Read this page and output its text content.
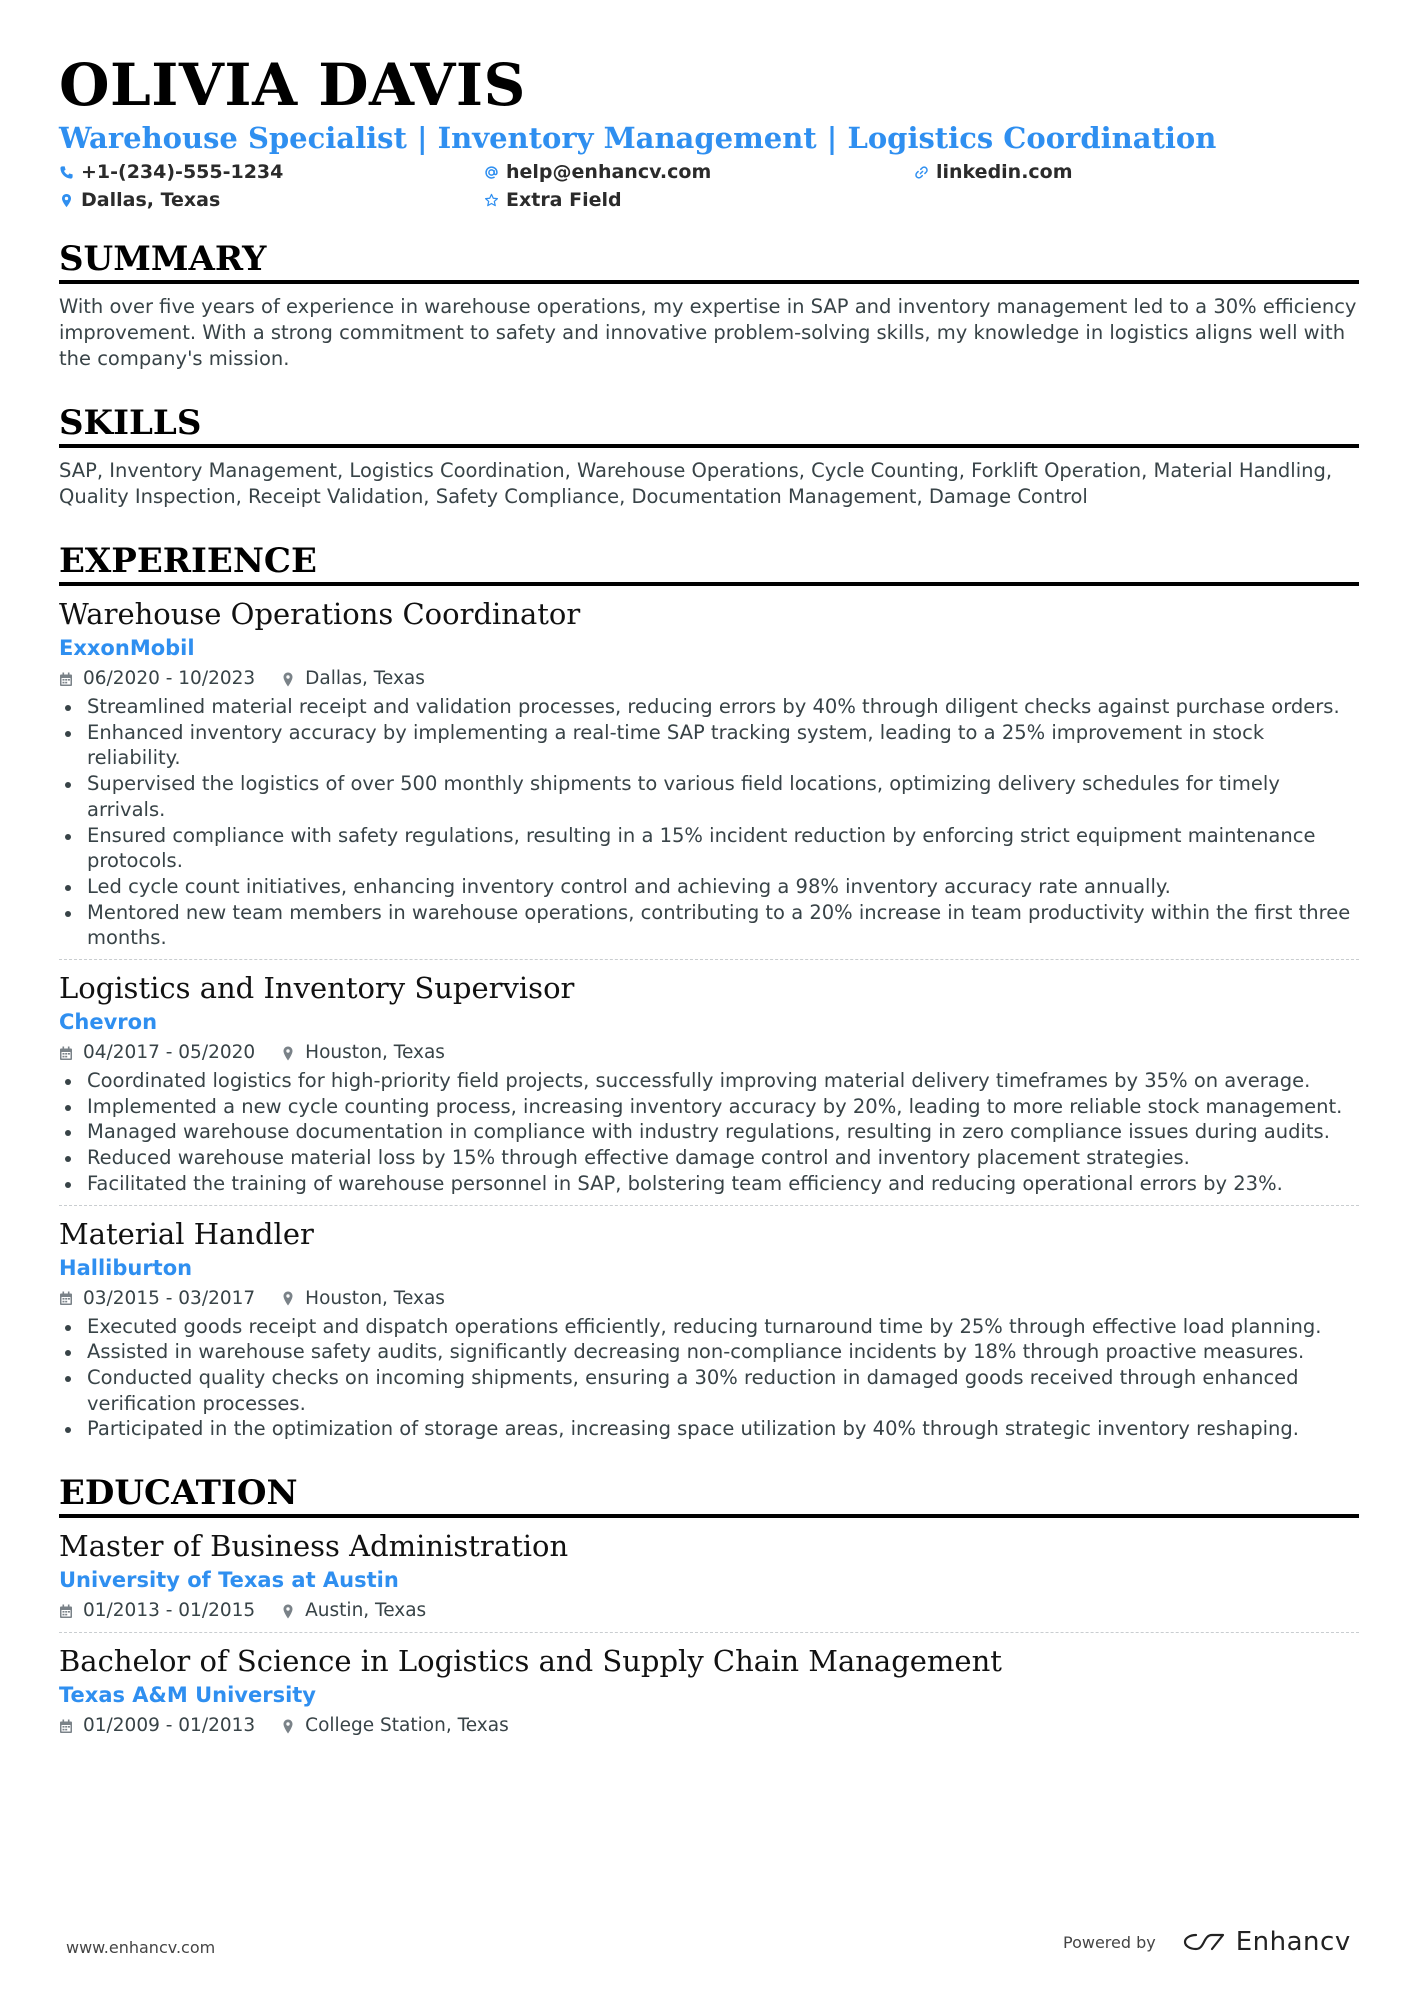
OLIVIA DAVIS
Warehouse Specialist | Inventory Management | Logistics Coordination
+1-(234)-555-1234	help@enhancv.com	linkedin.com
Dallas, Texas	Extra Field
SUMMARY
With over five years of experience in warehouse operations, my expertise in SAP and inventory management led to a 30% efficiency improvement. With a strong commitment to safety and innovative problem-solving skills, my knowledge in logistics aligns well with the company's mission.
SKILLS
SAP, Inventory Management, Logistics Coordination, Warehouse Operations, Cycle Counting, Forklift Operation, Material Handling, Quality Inspection, Receipt Validation, Safety Compliance, Documentation Management, Damage Control
EXPERIENCE
Warehouse Operations Coordinator
ExxonMobil
06/2020 - 10/2023	Dallas, Texas
Streamlined material receipt and validation processes, reducing errors by 40% through diligent checks against purchase orders.
Enhanced inventory accuracy by implementing a real-time SAP tracking system, leading to a 25% improvement in stock reliability.
Supervised the logistics of over 500 monthly shipments to various field locations, optimizing delivery schedules for timely arrivals.
Ensured compliance with safety regulations, resulting in a 15% incident reduction by enforcing strict equipment maintenance protocols.
Led cycle count initiatives, enhancing inventory control and achieving a 98% inventory accuracy rate annually.
Mentored new team members in warehouse operations, contributing to a 20% increase in team productivity within the first three months.
Logistics and Inventory Supervisor
Chevron
04/2017 - 05/2020	Houston, Texas
Coordinated logistics for high-priority field projects, successfully improving material delivery timeframes by 35% on average.
Implemented a new cycle counting process, increasing inventory accuracy by 20%, leading to more reliable stock management.
Managed warehouse documentation in compliance with industry regulations, resulting in zero compliance issues during audits.
Reduced warehouse material loss by 15% through effective damage control and inventory placement strategies.
Facilitated the training of warehouse personnel in SAP, bolstering team efficiency and reducing operational errors by 23%.
Material Handler
Halliburton
03/2015 - 03/2017	Houston, Texas
Executed goods receipt and dispatch operations efficiently, reducing turnaround time by 25% through effective load planning.
Assisted in warehouse safety audits, significantly decreasing non-compliance incidents by 18% through proactive measures.
Conducted quality checks on incoming shipments, ensuring a 30% reduction in damaged goods received through enhanced verification processes.
Participated in the optimization of storage areas, increasing space utilization by 40% through strategic inventory reshaping.
EDUCATION
Master of Business Administration
University of Texas at Austin
01/2013 - 01/2015	Austin, Texas
Bachelor of Science in Logistics and Supply Chain Management
Texas A&M University
01/2009 - 01/2013	College Station, Texas
www.enhancv.com	Powered by	Enhancv
